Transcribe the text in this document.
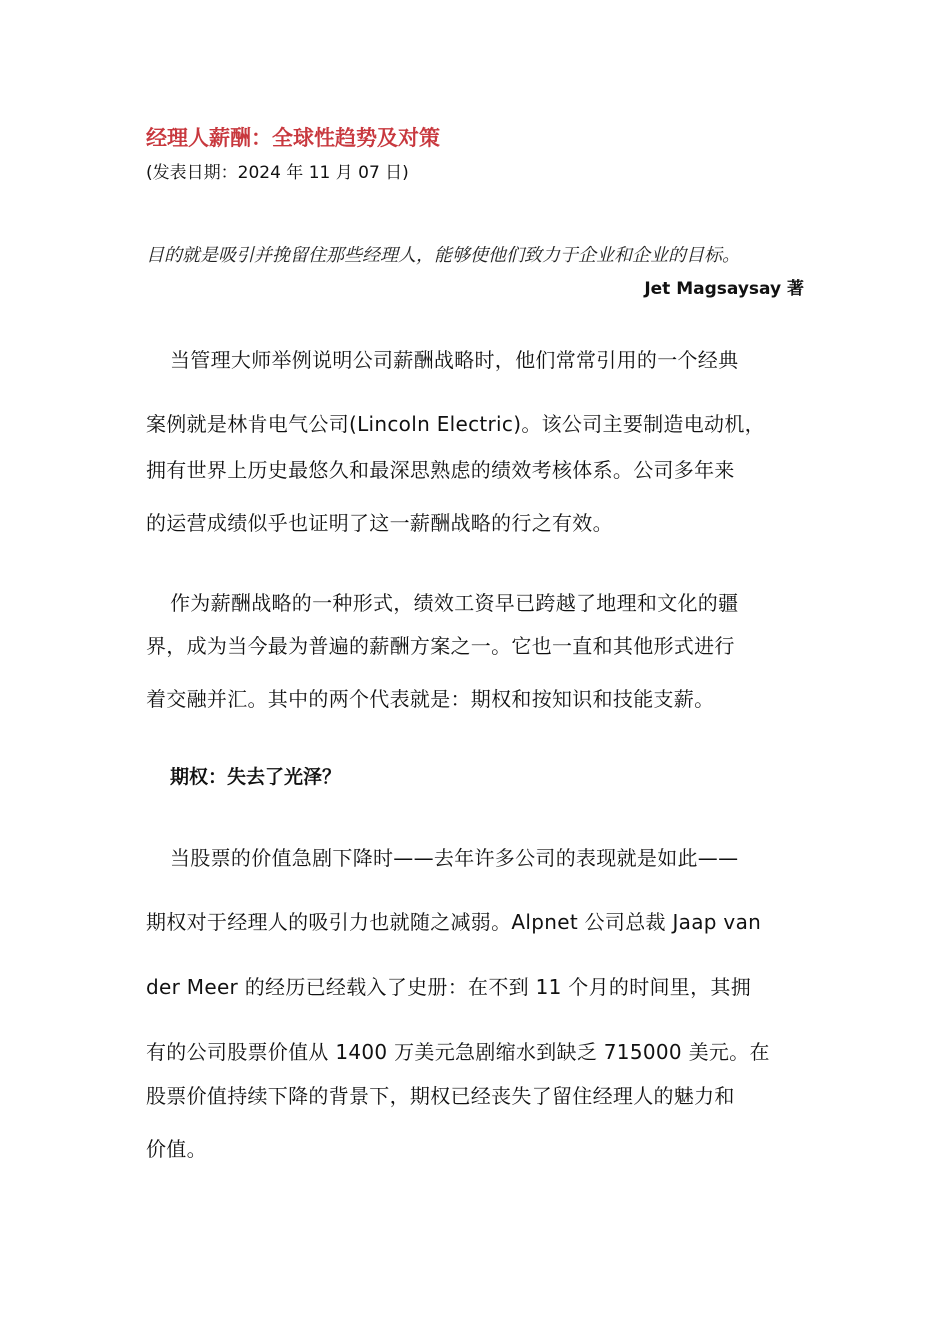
经理人薪酬：全球性趋势及对策
(发表日期：2024 年 11 月 07 日)
目的就是吸引并挽留住那些经理人，能够使他们致力于企业和企业的目标。
Jet Magsaysay 著
当管理大师举例说明公司薪酬战略时，他们常常引用的一个经典
案例就是林肯电气公司(Lincoln Electric)。该公司主要制造电动机，
拥有世界上历史最悠久和最深思熟虑的绩效考核体系。公司多年来
的运营成绩似乎也证明了这一薪酬战略的行之有效。
作为薪酬战略的一种形式，绩效工资早已跨越了地理和文化的疆
界，成为当今最为普遍的薪酬方案之一。它也一直和其他形式进行
着交融并汇。其中的两个代表就是：期权和按知识和技能支薪。
期权：失去了光泽？
当股票的价值急剧下降时——去年许多公司的表现就是如此——
期权对于经理人的吸引力也就随之减弱。Alpnet 公司总裁 Jaap van
der Meer 的经历已经载入了史册：在不到 11 个月的时间里，其拥
有的公司股票价值从 1400 万美元急剧缩水到缺乏 715000 美元。在
股票价值持续下降的背景下，期权已经丧失了留住经理人的魅力和
价值。
